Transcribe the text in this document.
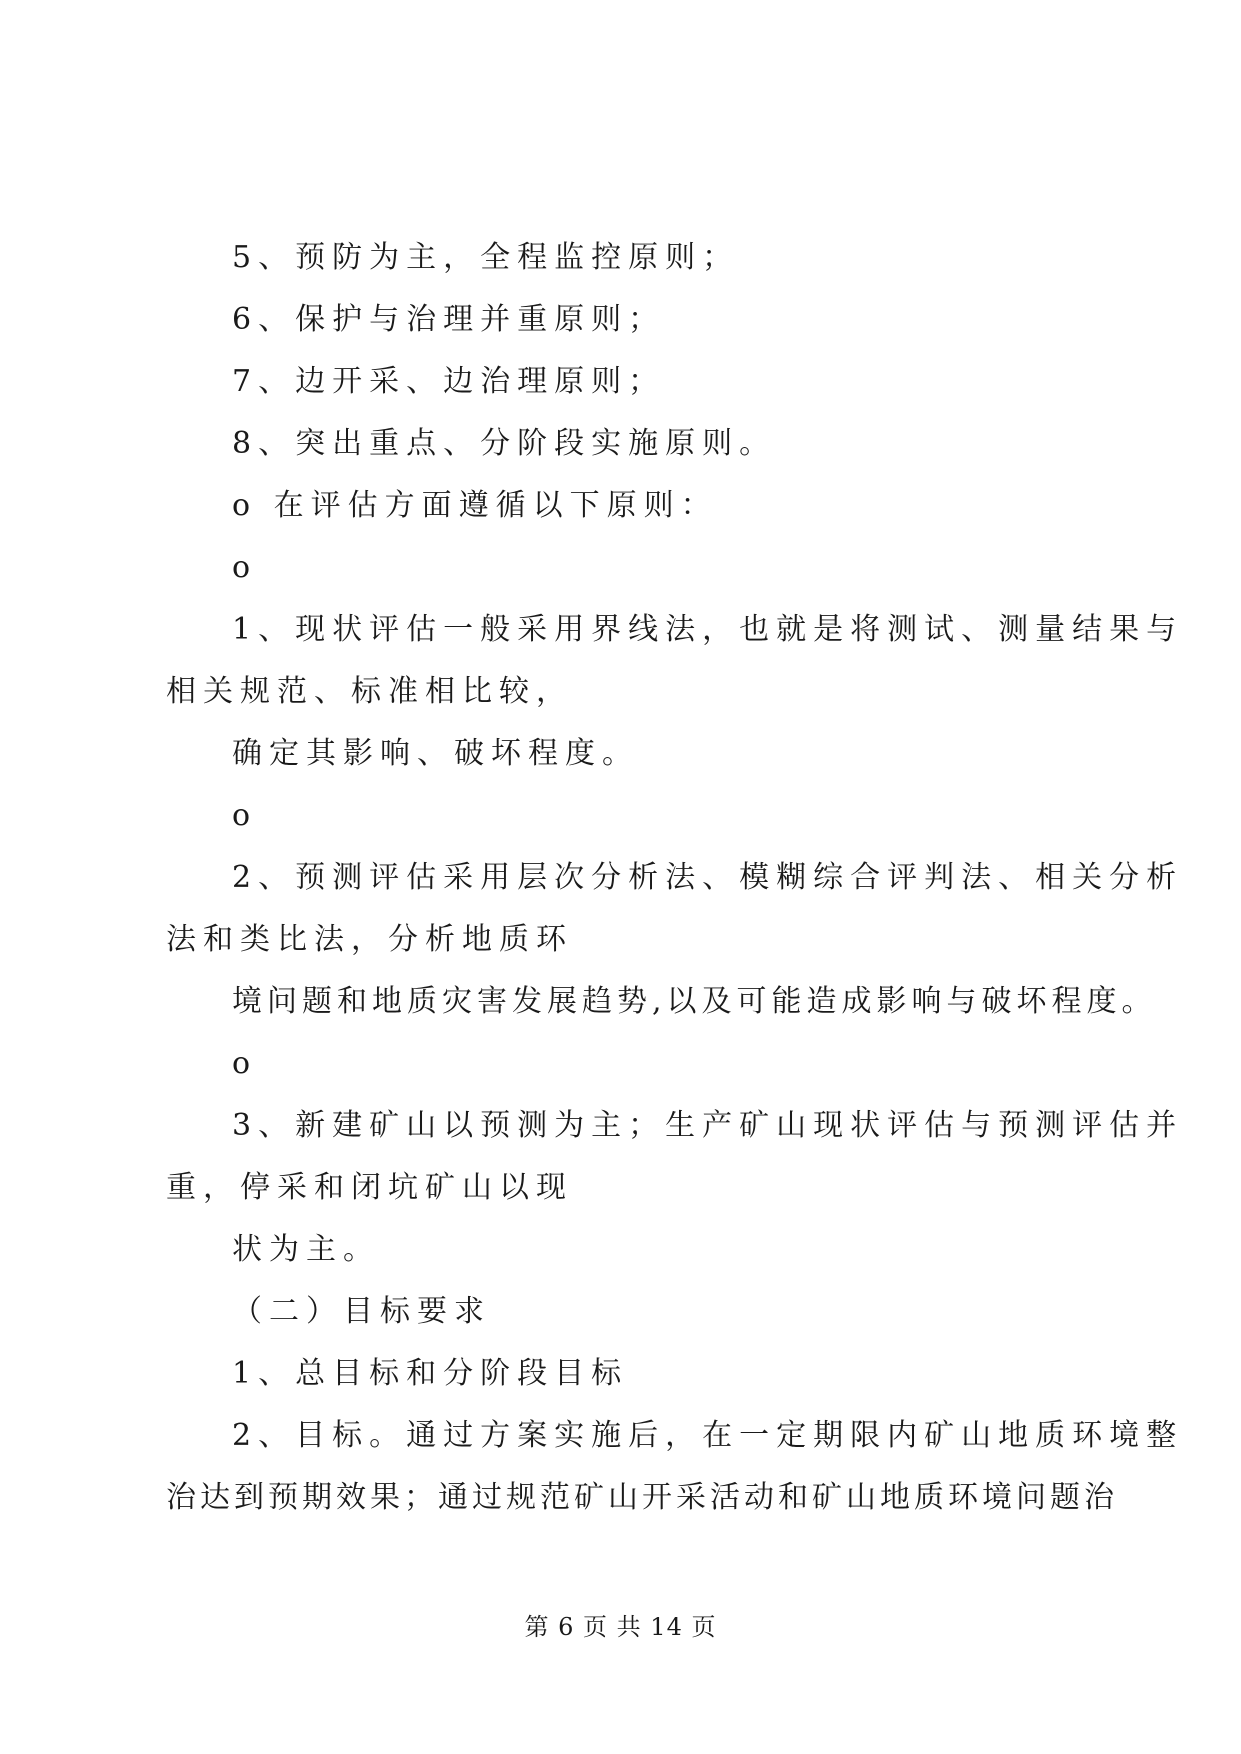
5、预防为主，全程监控原则；
6、保护与治理并重原则；
7、边开采、边治理原则；
8、突出重点、分阶段实施原则。
o 在评估方面遵循以下原则：
o
1、现状评估一般采用界线法，也就是将测试、测量结果与
相关规范、标准相比较，
确定其影响、破坏程度。
o
2、预测评估采用层次分析法、模糊综合评判法、相关分析
法和类比法，分析地质环
境问题和地质灾害发展趋势,以及可能造成影响与破坏程度。
o
3、新建矿山以预测为主；生产矿山现状评估与预测评估并
重，停采和闭坑矿山以现
状为主。
（二）目标要求
1、总目标和分阶段目标
2、目标。通过方案实施后，在一定期限内矿山地质环境整
治达到预期效果；通过规范矿山开采活动和矿山地质环境问题治
第 6 页 共 14 页
